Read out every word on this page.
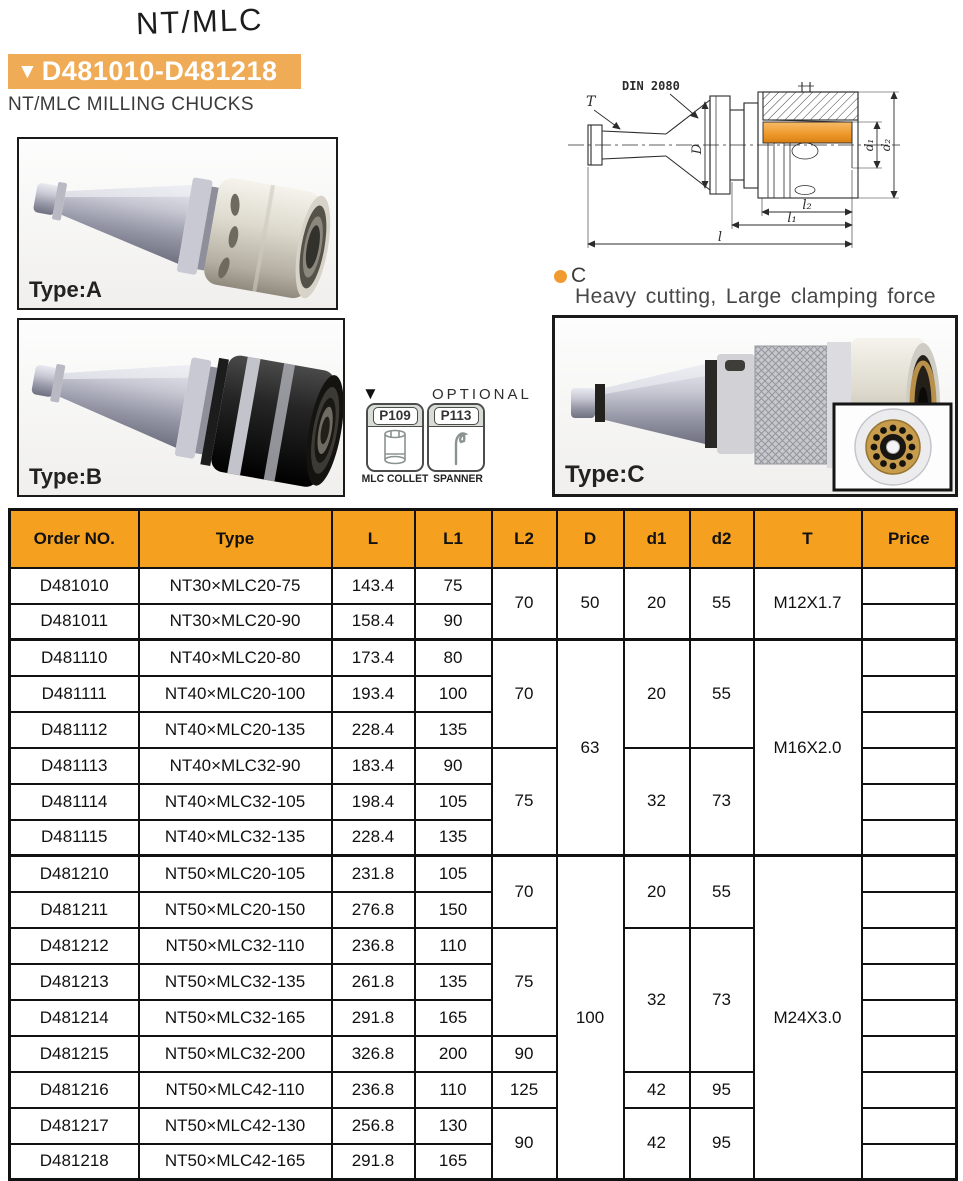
NT/MLC
▼ D481010-D481218
NT/MLC MILLING CHUCKS	T
DIN 2080
D	d₁ d₂
l₂
l₁
l
Type:A
Type:B
C
Heavy cutting, Large clamping force
Type:C
▼	OPTIONAL
P109	P113
MLC COLLET SPANNER
Order NO.	Type	L	L1	L2	D	d1	d2	T	Price
D481010	NT30×MLC20-75	143.4	75	70	50	20	55	M12X1.7	
D481011	NT30×MLC20-90	158.4	90						
D481110	NT40×MLC20-80	173.4	80	70	63	20	55	M16X2.0	
D481111	NT40×MLC20-100	193.4	100						
D481112	NT40×MLC20-135	228.4	135						
D481113	NT40×MLC32-90	183.4	90	75		32	73		
D481114	NT40×MLC32-105	198.4	105						
D481115	NT40×MLC32-135	228.4	135						
D481210	NT50×MLC20-105	231.8	105	70	100	20	55	M24X3.0	
D481211	NT50×MLC20-150	276.8	150						
D481212	NT50×MLC32-110	236.8	110	75		32	73		
D481213	NT50×MLC32-135	261.8	135						
D481214	NT50×MLC32-165	291.8	165						
D481215	NT50×MLC32-200	326.8	200	90					
D481216	NT50×MLC42-110	236.8	110	125		42	95		
D481217	NT50×MLC42-130	256.8	130	90		42	95		
D481218	NT50×MLC42-165	291.8	165						
